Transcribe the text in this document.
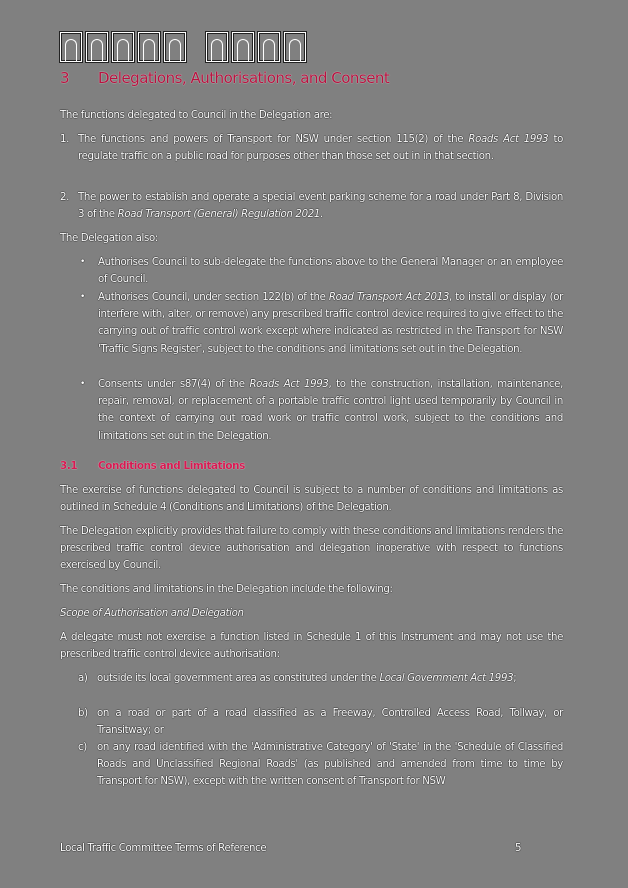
3	Delegations, Authorisations, and Consent
The functions delegated to Council in the Delegation are:
1. The functions and powers of Transport for NSW under section 115(2) of the Roads Act 1993 to regulate traffic on a public road for purposes other than those set out in in that section.
2. The power to establish and operate a special event parking scheme for a road under Part 8, Division 3 of the Road Transport (General) Regulation 2021.
The Delegation also:
•	Authorises Council to sub-delegate the functions above to the General Manager or an employee of Council.
•	Authorises Council, under section 122(b) of the Road Transport Act 2013, to install or display (or interfere with, alter, or remove) any prescribed traffic control device required to give effect to the carrying out of traffic control work except where indicated as restricted in the Transport for NSW 'Traffic Signs Register', subject to the conditions and limitations set out in the Delegation.
•	Consents under s87(4) of the Roads Act 1993, to the construction, installation, maintenance, repair, removal, or replacement of a portable traffic control light used temporarily by Council in the context of carrying out road work or traffic control work, subject to the conditions and limitations set out in the Delegation.
3.1	Conditions and Limitations
The exercise of functions delegated to Council is subject to a number of conditions and limitations as outlined in Schedule 4 (Conditions and Limitations) of the Delegation.
The Delegation explicitly provides that failure to comply with these conditions and limitations renders the prescribed traffic control device authorisation and delegation inoperative with respect to functions exercised by Council.
The conditions and limitations in the Delegation include the following:
Scope of Authorisation and Delegation
A delegate must not exercise a function listed in Schedule 1 of this Instrument and may not use the prescribed traffic control device authorisation:
a) outside its local government area as constituted under the Local Government Act 1993;
b) on a road or part of a road classified as a Freeway, Controlled Access Road, Tollway, or Transitway; or
c) on any road identified with the 'Administrative Category' of 'State' in the 'Schedule of Classified Roads and Unclassified Regional Roads' (as published and amended from time to time by Transport for NSW), except with the written consent of Transport for NSW
Local Traffic Committee Terms of Reference	5
